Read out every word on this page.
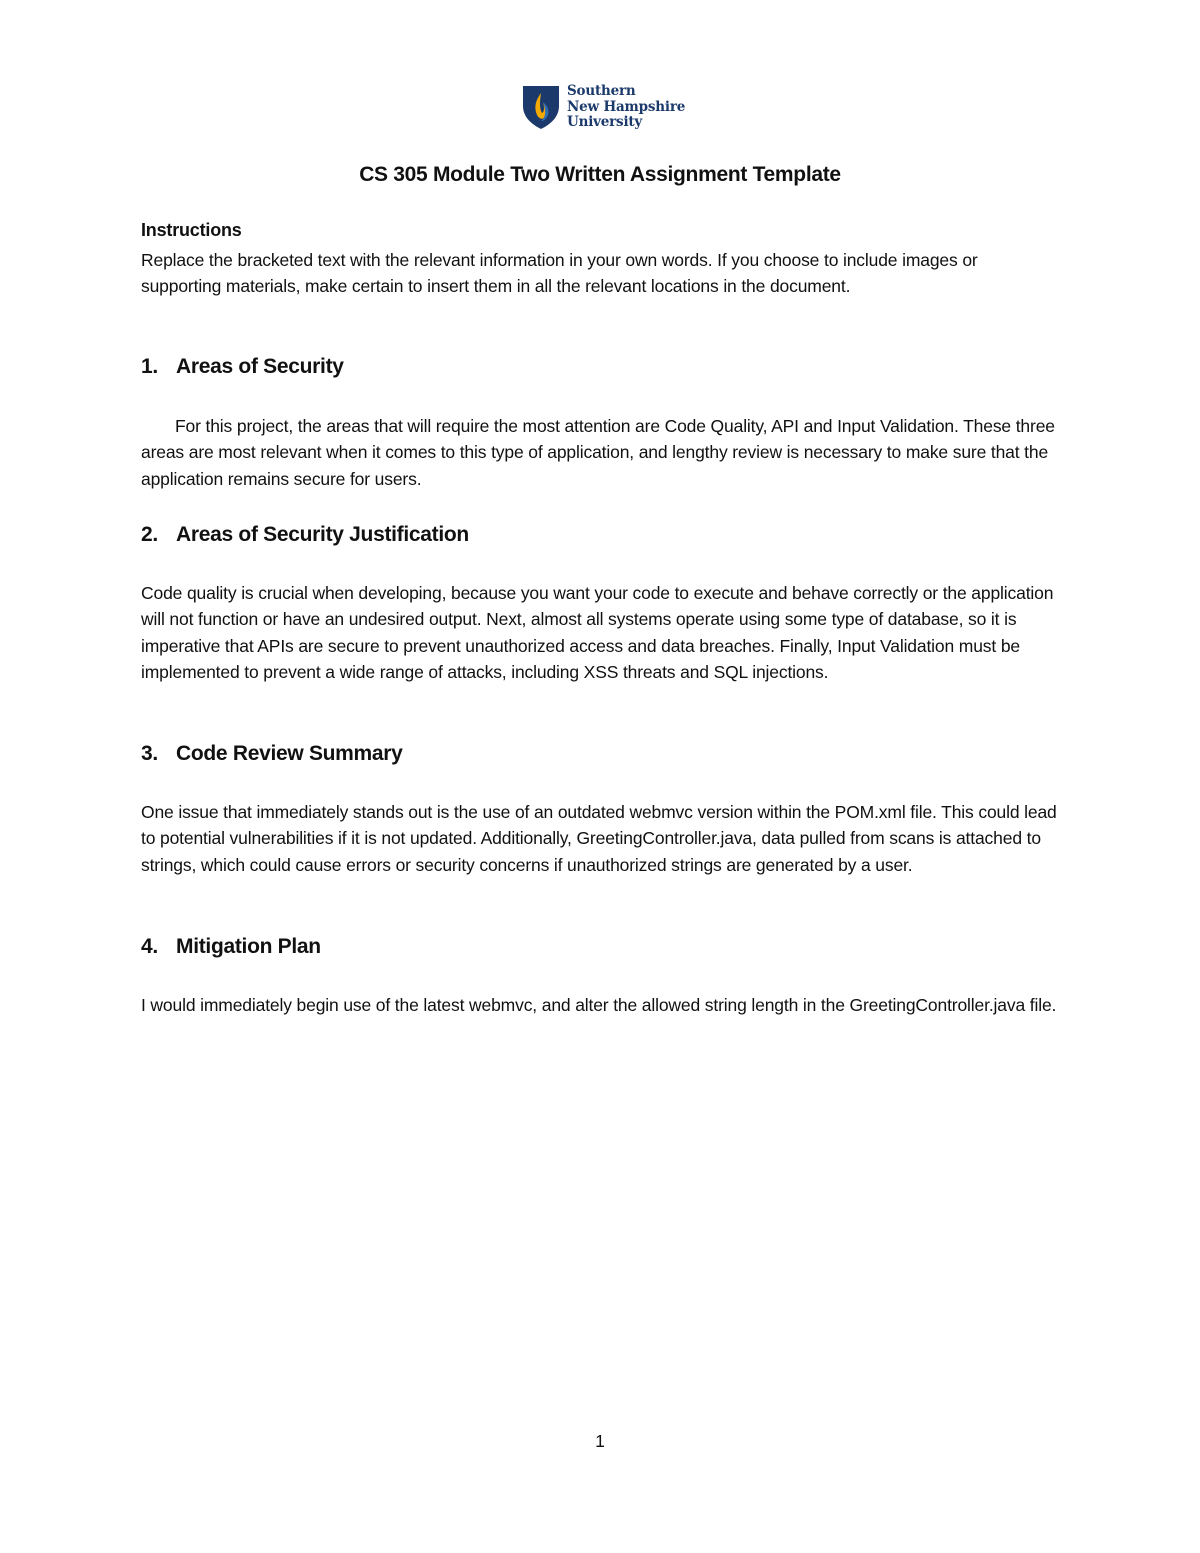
Southern
New Hampshire
University
CS 305 Module Two Written Assignment Template
Instructions
Replace the bracketed text with the relevant information in your own words. If you choose to include images or supporting materials, make certain to insert them in all the relevant locations in the document.
1. Areas of Security
For this project, the areas that will require the most attention are Code Quality, API and Input Validation. These three areas are most relevant when it comes to this type of application, and lengthy review is necessary to make sure that the application remains secure for users.
2. Areas of Security Justification
Code quality is crucial when developing, because you want your code to execute and behave correctly or the application will not function or have an undesired output. Next, almost all systems operate using some type of database, so it is imperative that APIs are secure to prevent unauthorized access and data breaches. Finally, Input Validation must be implemented to prevent a wide range of attacks, including XSS threats and SQL injections.
3. Code Review Summary
One issue that immediately stands out is the use of an outdated webmvc version within the POM.xml file. This could lead to potential vulnerabilities if it is not updated. Additionally, GreetingController.java, data pulled from scans is attached to strings, which could cause errors or security concerns if unauthorized strings are generated by a user.
4. Mitigation Plan
I would immediately begin use of the latest webmvc, and alter the allowed string length in the GreetingController.java file.
1
